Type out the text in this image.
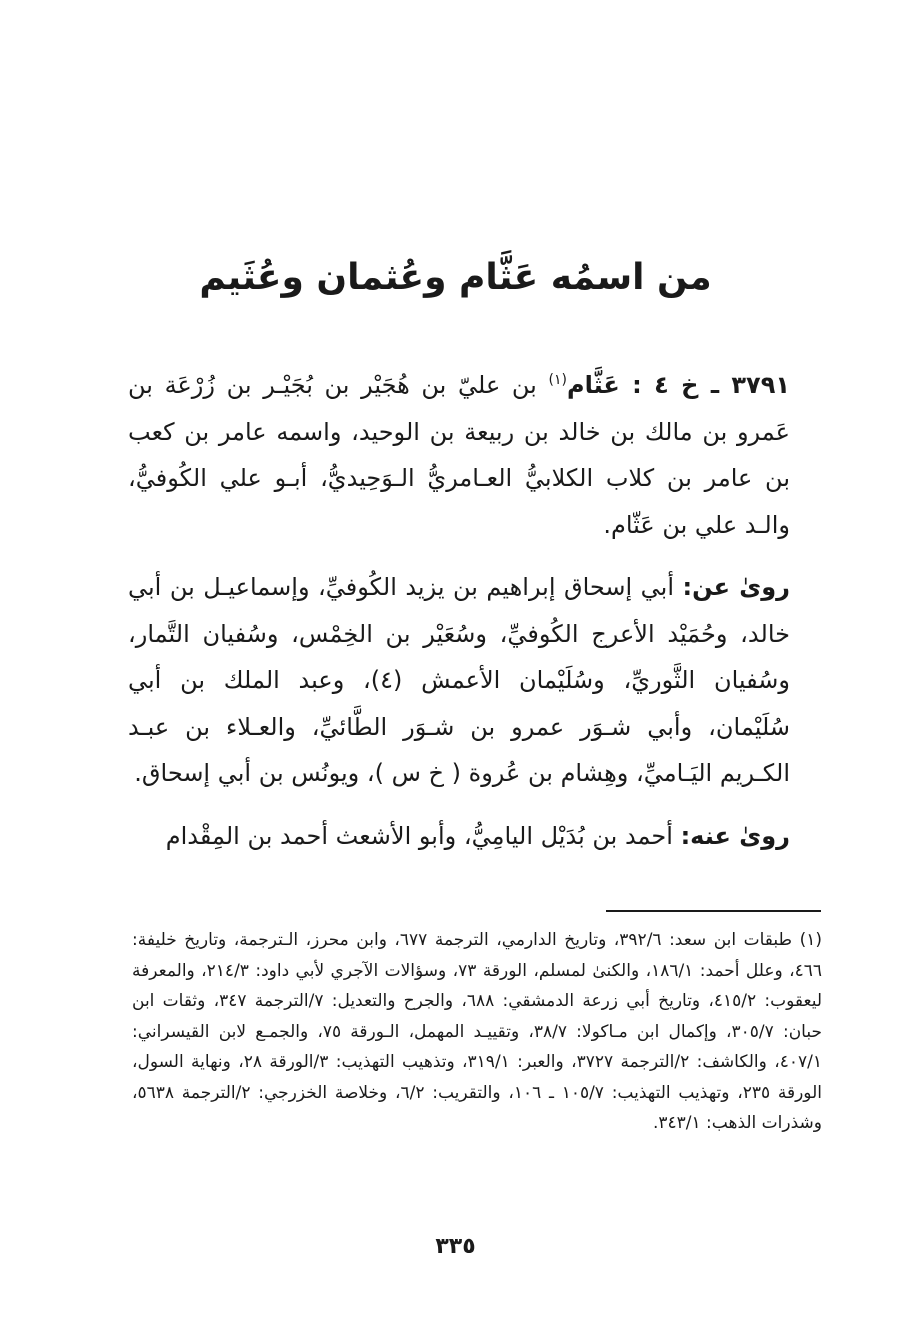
من اسمُه عَثَّام وعُثمان وعُثَيم

٣٧٩١ ـ خ ٤ : عَثَّام$^{(١)}$ بن عليّ بن هُجَيْر بن بُجَيْـر بن زُرْعَة بن عَمرو بن مالك بن خالد بن ربيعة بن الوحيد، واسمه عامر بن كعب بن عامر بن كلاب الكلابيُّ العـامريُّ الـوَحِيديُّ، أبـو علي الكُوفيُّ، والـد علي بن عَثّام.

روىٰ عن: أبي إسحاق إبراهيم بن يزيد الكُوفيِّ، وإسماعيـل بن أبي خالد، وحُمَيْد الأعرج الكُوفيِّ، وسُعَيْر بن الخِمْس، وسُفيان التَّمار، وسُفيان الثَّوريِّ، وسُلَيْمان الأعمش (٤)، وعبد الملك بن أبي سُلَيْمان، وأبي شـوَر عمرو بن شـوَر الطَّائيِّ، والعـلاء بن عبـد الكـريم اليَـاميِّ، وهِشام بن عُروة ( خ س )، ويونُس بن أبي إسحاق.

روىٰ عنه: أحمد بن بُدَيْل اليامِيُّ، وأبو الأشعث أحمد بن المِقْدام

(١) طبقات ابن سعد: ٣٩٢/٦، وتاريخ الدارمي، الترجمة ٦٧٧، وابن محرز، الـترجمة، وتاريخ خليفة: ٤٦٦، وعلل أحمد: ١٨٦/١، والكنىٰ لمسلم، الورقة ٧٣، وسؤالات الآجري لأبي داود: ٢١٤/٣، والمعرفة ليعقوب: ٤١٥/٢، وتاريخ أبي زرعة الدمشقي: ٦٨٨، والجرح والتعديل: ٧/الترجمة ٣٤٧، وثقات ابن حبان: ٣٠٥/٧، وإكمال ابن مـاكولا: ٣٨/٧، وتقييـد المهمل، الـورقة ٧٥، والجمـع لابن القيسراني: ٤٠٧/١، والكاشف: ٢/الترجمة ٣٧٢٧، والعبر: ٣١٩/١، وتذهيب التهذيب: ٣/الورقة ٢٨، ونهاية السول، الورقة ٢٣٥، وتهذيب التهذيب: ١٠٥/٧ ـ ١٠٦، والتقريب: ٦/٢، وخلاصة الخزرجي: ٢/الترجمة ٥٦٣٨، وشذرات الذهب: ٣٤٣/١.

٣٣٥
